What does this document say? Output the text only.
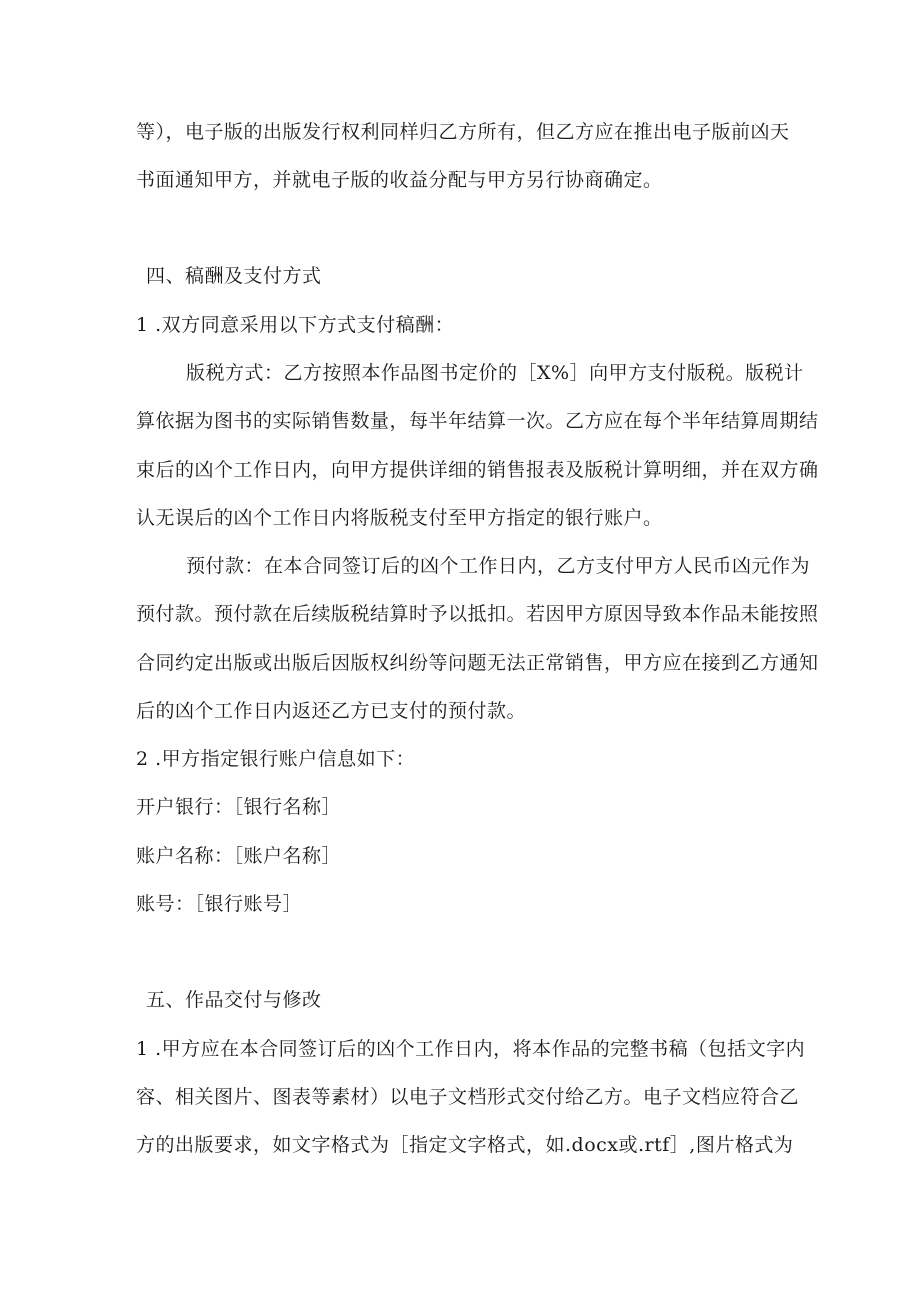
等），电子版的出版发行权利同样归乙方所有，但乙方应在推出电子版前凶天
书面通知甲方，并就电子版的收益分配与甲方另行协商确定。
四、稿酬及支付方式
1 .双方同意采用以下方式支付稿酬：
版税方式：乙方按照本作品图书定价的［X%］向甲方支付版税。版税计
算依据为图书的实际销售数量，每半年结算一次。乙方应在每个半年结算周期结
束后的凶个工作日内，向甲方提供详细的销售报表及版税计算明细，并在双方确
认无误后的凶个工作日内将版税支付至甲方指定的银行账户。
预付款：在本合同签订后的凶个工作日内，乙方支付甲方人民币凶元作为
预付款。预付款在后续版税结算时予以抵扣。若因甲方原因导致本作品未能按照
合同约定出版或出版后因版权纠纷等问题无法正常销售，甲方应在接到乙方通知
后的凶个工作日内返还乙方已支付的预付款。
2 .甲方指定银行账户信息如下：
开户银行：［银行名称］
账户名称：［账户名称］
账号：［银行账号］
五、作品交付与修改
1 .甲方应在本合同签订后的凶个工作日内，将本作品的完整书稿（包括文字内
容、相关图片、图表等素材）以电子文档形式交付给乙方。电子文档应符合乙
方的出版要求，如文字格式为［指定文字格式，如.docx或.rtf］,图片格式为
